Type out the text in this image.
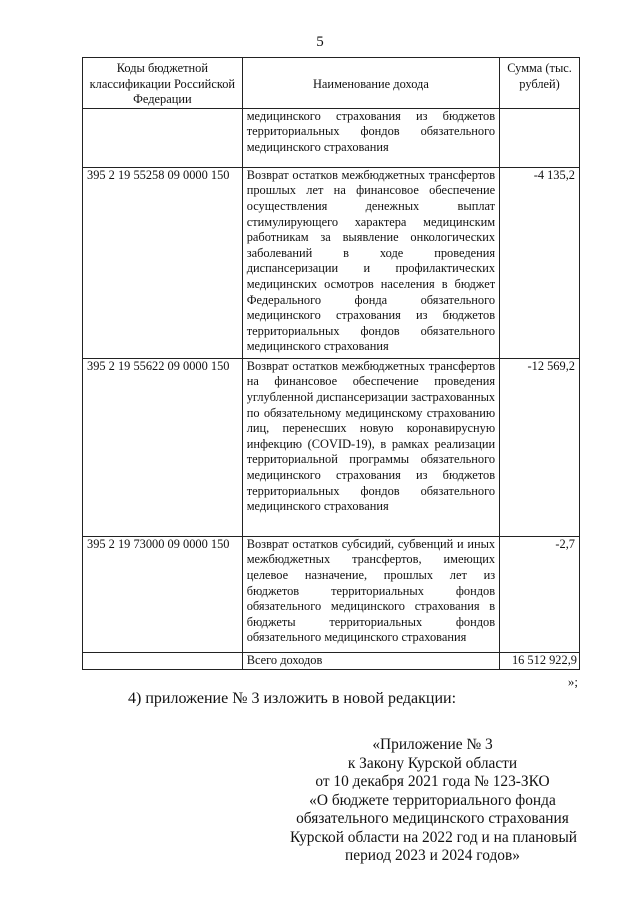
5
Коды бюджетной классификации Российской Федерации	Наименование дохода	Сумма (тыс. рублей)
	медицинского страхования из бюджетов территориальных фондов обязательного медицинского страхования	
395 2 19 55258 09 0000 150	Возврат остатков межбюджетных трансфертов прошлых лет на финансовое обеспечение осуществления денежных выплат стимулирующего характера медицинским работникам за выявление онкологических заболеваний в ходе проведения диспансеризации и профилактических медицинских осмотров населения в бюджет Федерального фонда обязательного медицинского страхования из бюджетов территориальных фондов обязательного медицинского страхования	-4 135,2
395 2 19 55622 09 0000 150	Возврат остатков межбюджетных трансфертов на финансовое обеспечение проведения углубленной диспансеризации застрахованных по обязательному медицинскому страхованию лиц, перенесших новую коронавирусную инфекцию (COVID-19), в рамках реализации территориальной программы обязательного медицинского страхования из бюджетов территориальных фондов обязательного медицинского страхования	-12 569,2
395 2 19 73000 09 0000 150	Возврат остатков субсидий, субвенций и иных межбюджетных трансфертов, имеющих целевое назначение, прошлых лет из бюджетов территориальных фондов обязательного медицинского страхования в бюджеты территориальных фондов обязательного медицинского страхования	-2,7
	Всего доходов	16 512 922,9
»;
4) приложение № 3 изложить в новой редакции:
«Приложение № 3
к Закону Курской области
от 10 декабря 2021 года № 123-ЗКО
«О бюджете территориального фонда
обязательного медицинского страхования
Курской области на 2022 год и на плановый
период 2023 и 2024 годов»
